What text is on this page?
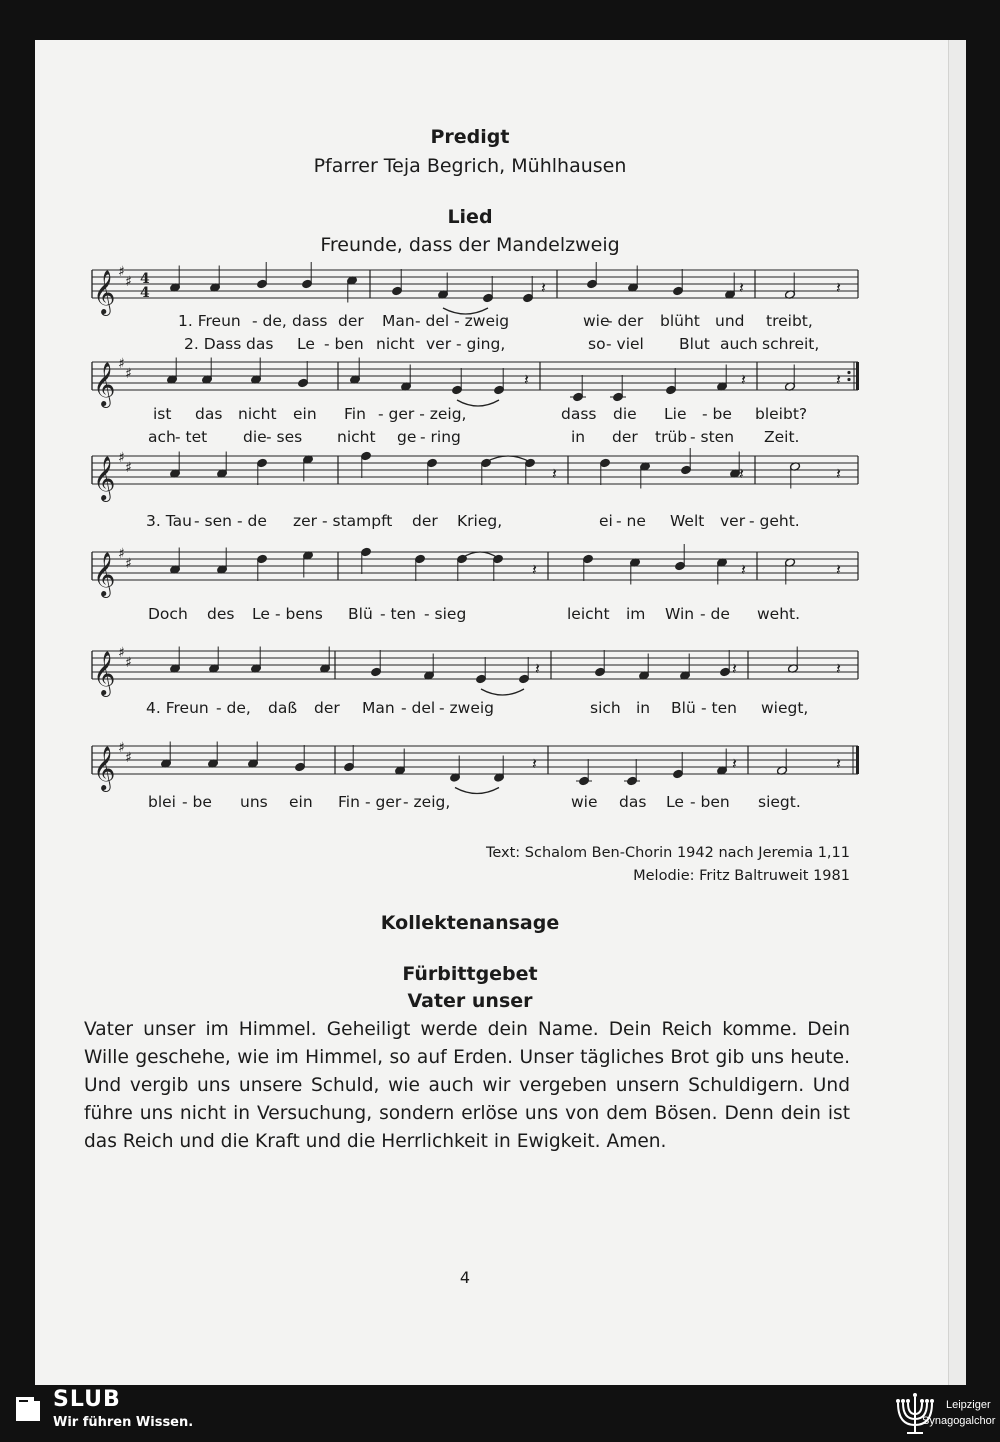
Predigt
Pfarrer Teja Begrich, Mühlhausen
Lied
Freunde, dass der Mandelzweig
𝄞 ♯
♯ 4
4	𝄽	𝄽	𝄽
𝄞 ♯
♯	𝄽	𝄽	𝄽
𝄞 ♯
♯	𝄽	𝄽	𝄽
𝄞 ♯
♯	𝄽	𝄽	𝄽
𝄞 ♯
♯	𝄽	𝄽	𝄽
𝄞 ♯
♯	𝄽	𝄽	𝄽
1. Freun - de, dass der Man - del - zweig	wie
- der blüht und treibt,
2. Dass das Le - ben nicht ver - ging,	so - viel Blut auch schreit,
ist das nicht ein Fin - ger - zeig,	dass die Lie - be bleibt?
ach - tet die - ses nicht ge - ring	in der trüb - sten Zeit.
3. Tau - sen - de zer - stampft der Krieg,	ei - ne Welt ver - geht.
Doch des Le - bens Blü - ten - sieg	leicht im Win - de weht.
4. Freun - de, daß der Man - del - zweig	sich in Blü - ten wiegt,
blei - be uns ein Fin - ger - zeig,	wie das Le - ben siegt.
Text: Schalom Ben-Chorin 1942 nach Jeremia 1,11
Melodie: Fritz Baltruweit 1981
Kollektenansage
Fürbittgebet
Vater unser
Vater unser im Himmel. Geheiligt werde dein Name. Dein Reich komme. Dein Wille geschehe, wie im Himmel, so auf Erden. Unser tägliches Brot gib uns heute. Und vergib uns unsere Schuld, wie auch wir vergeben unsern Schuldigern. Und führe uns nicht in Versuchung, sondern erlöse uns von dem Bösen. Denn dein ist das Reich und die Kraft und die Herrlichkeit in Ewigkeit. Amen.
4
SLUB
Wir führen Wissen.
Leipziger
Synagogalchor
